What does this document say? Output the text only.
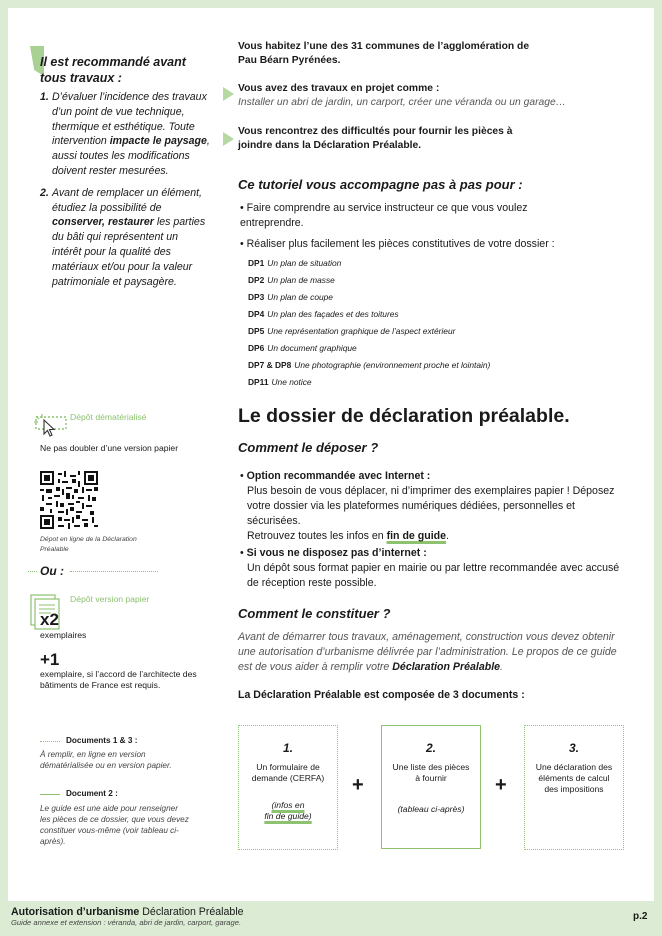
Il est recommandé avant tous travaux :
1. D’évaluer l’incidence des travaux d’un point de vue technique, thermique et esthétique. Toute intervention impacte le paysage, aussi toutes les modifications doivent rester mesurées.
2. Avant de remplacer un élément, étudiez la possibilité de conserver, restaurer les parties du bâti qui représentent un intérêt pour la qualité des matériaux et/ou pour la valeur patrimoniale et paysagère.
Vous habitez l’une des 31 communes de l’agglomération de Pau Béarn Pyrénées.
Vous avez des travaux en projet comme :
Installer un abri de jardin, un carport, créer une véranda ou un garage…
Vous rencontrez des difficultés pour fournir les pièces à joindre dans la Déclaration Préalable.
Ce tutoriel vous accompagne pas à pas pour :
• Faire comprendre au service instructeur ce que vous voulez entreprendre.
• Réaliser plus facilement les pièces constitutives de votre dossier :
DP1 Un plan de situation
DP2 Un plan de masse
DP3 Un plan de coupe
DP4 Un plan des façades et des toitures
DP5 Une représentation graphique de l’aspect extérieur
DP6 Un document graphique
DP7 & DP8 Une photographie (environnement proche et lointain)
DP11 Une notice
Le dossier de déclaration préalable.
Comment le déposer ?
• Option recommandée avec Internet :
Plus besoin de vous déplacer, ni d’imprimer des exemplaires papier ! Déposez votre dossier via les plateformes numériques dédiées, personnelles et sécurisées.
Retrouvez toutes les infos en fin de guide.
• Si vous ne disposez pas d’internet :
Un dépôt sous format papier en mairie ou par lettre recommandée avec accusé de réception reste possible.
Comment le constituer ?
Avant de démarrer tous travaux, aménagement, construction vous devez obtenir une autorisation d’urbanisme délivrée par l’administration. Le propos de ce guide est de vous aider à remplir votre Déclaration Préalable.
La Déclaration Préalable est composée de 3 documents :
Dépôt dématérialisé
Ne pas doubler d’une version papier
Dépot en ligne de la Déclaration Préalable
Ou :
Dépôt version papier
x2
exemplaires
+1
exemplaire, si l’accord de l’architecte des bâtiments de France est requis.
Documents 1 & 3 :
À remplir, en ligne en version dématérialisée ou en version papier.
Document 2 :
Le guide est une aide pour renseigner les pièces de ce dossier, que vous devez constituer vous-même (voir tableau ci-après).
1.
Un formulaire de demande (CERFA)
(infos en
fin de guide)
+
2.
Une liste des pièces à fournir
(tableau ci-après)
+
3.
Une déclaration des éléments de calcul des impositions
Autorisation d’urbanisme Déclaration Préalable
Guide annexe et extension : véranda, abri de jardin, carport, garage.
p.2
